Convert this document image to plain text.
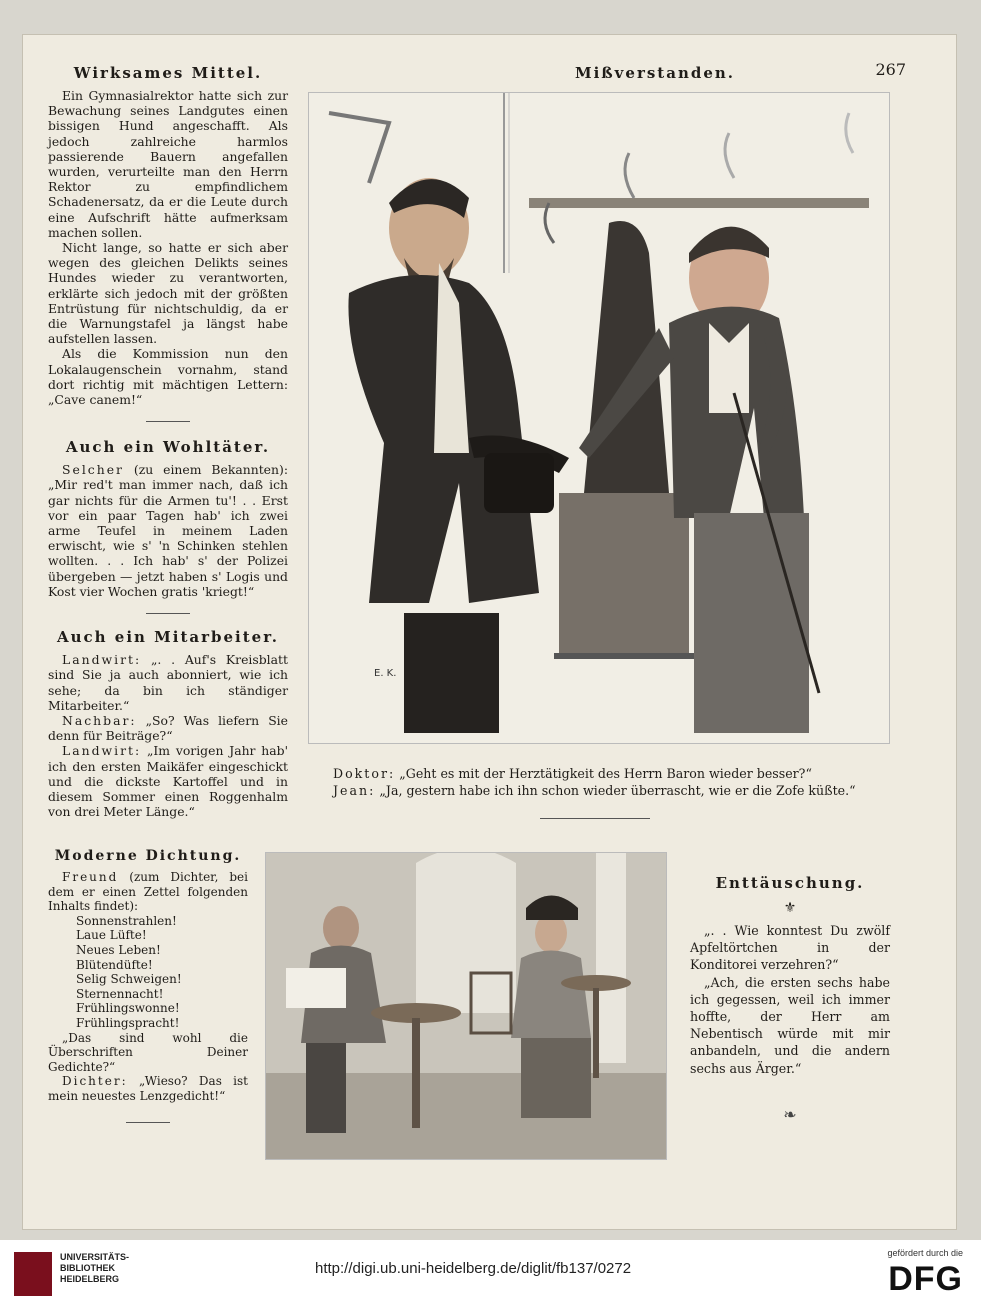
267
Wirksames Mittel.

Ein Gymnasialrektor hatte sich zur Bewachung seines Landgutes einen bissigen Hund angeschafft. Als jedoch zahlreiche harmlos passierende Bauern angefallen wurden, verurteilte man den Herrn Rektor zu empfindlichem Schadenersatz, da er die Leute durch eine Aufschrift hätte aufmerksam machen sollen.

Nicht lange, so hatte er sich aber wegen des gleichen Delikts seines Hundes wieder zu verantworten, erklärte sich jedoch mit der größten Entrüstung für nichtschuldig, da er die Warnungstafel ja längst habe aufstellen lassen.

Als die Kommission nun den Lokalaugenschein vornahm, stand dort richtig mit mächtigen Lettern: „Cave canem!“

Auch ein Wohltäter.

Selcher (zu einem Bekannten): „Mir red't man immer nach, daß ich gar nichts für die Armen tu'! . . Erst vor ein paar Tagen hab' ich zwei arme Teufel in meinem Laden erwischt, wie s' 'n Schinken stehlen wollten. . . Ich hab' s' der Polizei übergeben — jetzt haben s' Logis und Kost vier Wochen gratis 'kriegt!“

Auch ein Mitarbeiter.

Landwirt: „. . Auf's Kreisblatt sind Sie ja auch abonniert, wie ich sehe; da bin ich ständiger Mitarbeiter.“

Nachbar: „So? Was liefern Sie denn für Beiträge?“

Landwirt: „Im vorigen Jahr hab' ich den ersten Maikäfer eingeschickt und die dickste Kartoffel und in diesem Sommer einen Roggenhalm von drei Meter Länge.“

Mißverstanden.
E. K.
Doktor: „Geht es mit der Herztätigkeit des Herrn Baron wieder besser?“
Jean: „Ja, gestern habe ich ihn schon wieder überrascht, wie er die Zofe küßte.“
Moderne Dichtung.

Freund (zum Dichter, bei dem er einen Zettel folgenden Inhalts findet):

Sonnenstrahlen!
Laue Lüfte!
Neues Leben!
Blütendüfte!
Selig Schweigen!
Sternennacht!
Frühlingswonne!
Frühlingspracht!

„Das sind wohl die Überschriften Deiner Gedichte?“

Dichter: „Wieso? Das ist mein neuestes Lenzgedicht!“

Enttäuschung.
⚜

„. . Wie konntest Du zwölf Apfeltörtchen in der Konditorei verzehren?“

„Ach, die ersten sechs habe ich gegessen, weil ich immer hoffte, der Herr am Nebentisch würde mit mir anbandeln, und die andern sechs aus Ärger.“

❧
UNIVERSITÄTS-
BIBLIOTHEK
HEIDELBERG
http://digi.ub.uni-heidelberg.de/diglit/fb137/0272
gefördert durch die
DFG
